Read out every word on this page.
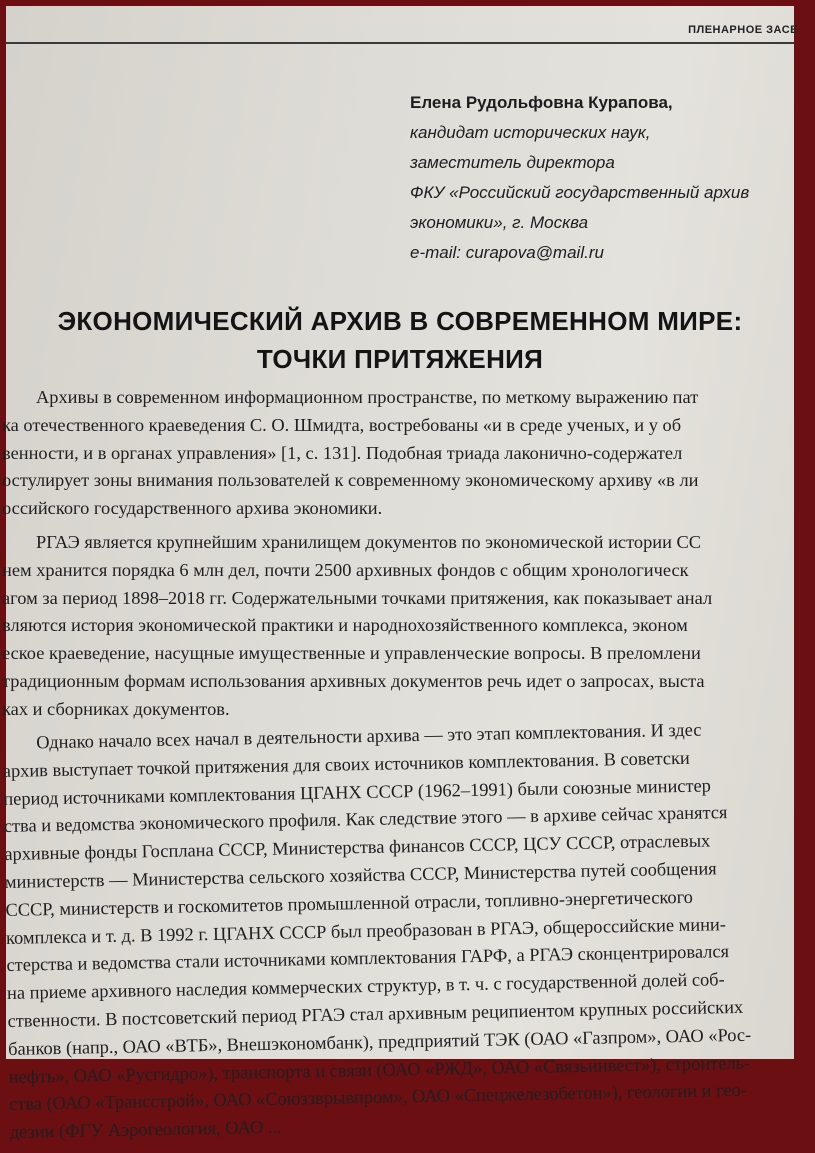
ПЛЕНАРНОЕ ЗАСЕ
Елена Рудольфовна Курапова,
кандидат исторических наук,
заместитель директора
ФКУ «Российский государственный архив
экономики», г. Москва
e-mail: curapova@mail.ru
ЭКОНОМИЧЕСКИЙ АРХИВ В СОВРЕМЕННОМ МИРЕ:
ТОЧКИ ПРИТЯЖЕНИЯ
Архивы в современном информационном пространстве, по меткому выражению пат
ка отечественного краеведения С. О. Шмидта, востребованы «и в среде ученых, и у об
венности, и в органах управления» [1, с. 131]. Подобная триада лаконично-содержател
остулирует зоны внимания пользователей к современному экономическому архиву «в ли
оссийского государственного архива экономики.
РГАЭ является крупнейшим хранилищем документов по экономической истории СС
нем хранится порядка 6 млн дел, почти 2500 архивных фондов с общим хронологическ
агом за период 1898–2018 гг. Содержательными точками притяжения, как показывает анал
вляются история экономической практики и народнохозяйственного комплекса, эконом
еское краеведение, насущные имущественные и управленческие вопросы. В преломлени
традиционным формам использования архивных документов речь идет о запросах, выста
ках и сборниках документов.
Однако начало всех начал в деятельности архива — это этап комплектования. И здес
архив выступает точкой притяжения для своих источников комплектования. В советски
период источниками комплектования ЦГАНХ СССР (1962–1991) были союзные министер
ства и ведомства экономического профиля. Как следствие этого — в архиве сейчас хранятся
архивные фонды Госплана СССР, Министерства финансов СССР, ЦСУ СССР, отраслевых
министерств — Министерства сельского хозяйства СССР, Министерства путей сообщения
СССР, министерств и госкомитетов промышленной отрасли, топливно-энергетического
комплекса и т. д. В 1992 г. ЦГАНХ СССР был преобразован в РГАЭ, общероссийские мини-
стерства и ведомства стали источниками комплектования ГАРФ, а РГАЭ сконцентрировался
на приеме архивного наследия коммерческих структур, в т. ч. с государственной долей соб-
ственности. В постсоветский период РГАЭ стал архивным реципиентом крупных российских
банков (напр., ОАО «ВТБ», Внешэкономбанк), предприятий ТЭК (ОАО «Газпром», ОАО «Рос-
нефть», ОАО «Русгидро»), транспорта и связи (ОАО «РЖД», ОАО «Связьинвест»), строитель-
ства (ОАО «Трансстрой», ОАО «Союззврывпром», ОАО «Спецжелезобетон»), геологии и гео-
дезии (ФГУ Аэрогеология, ОАО ...
